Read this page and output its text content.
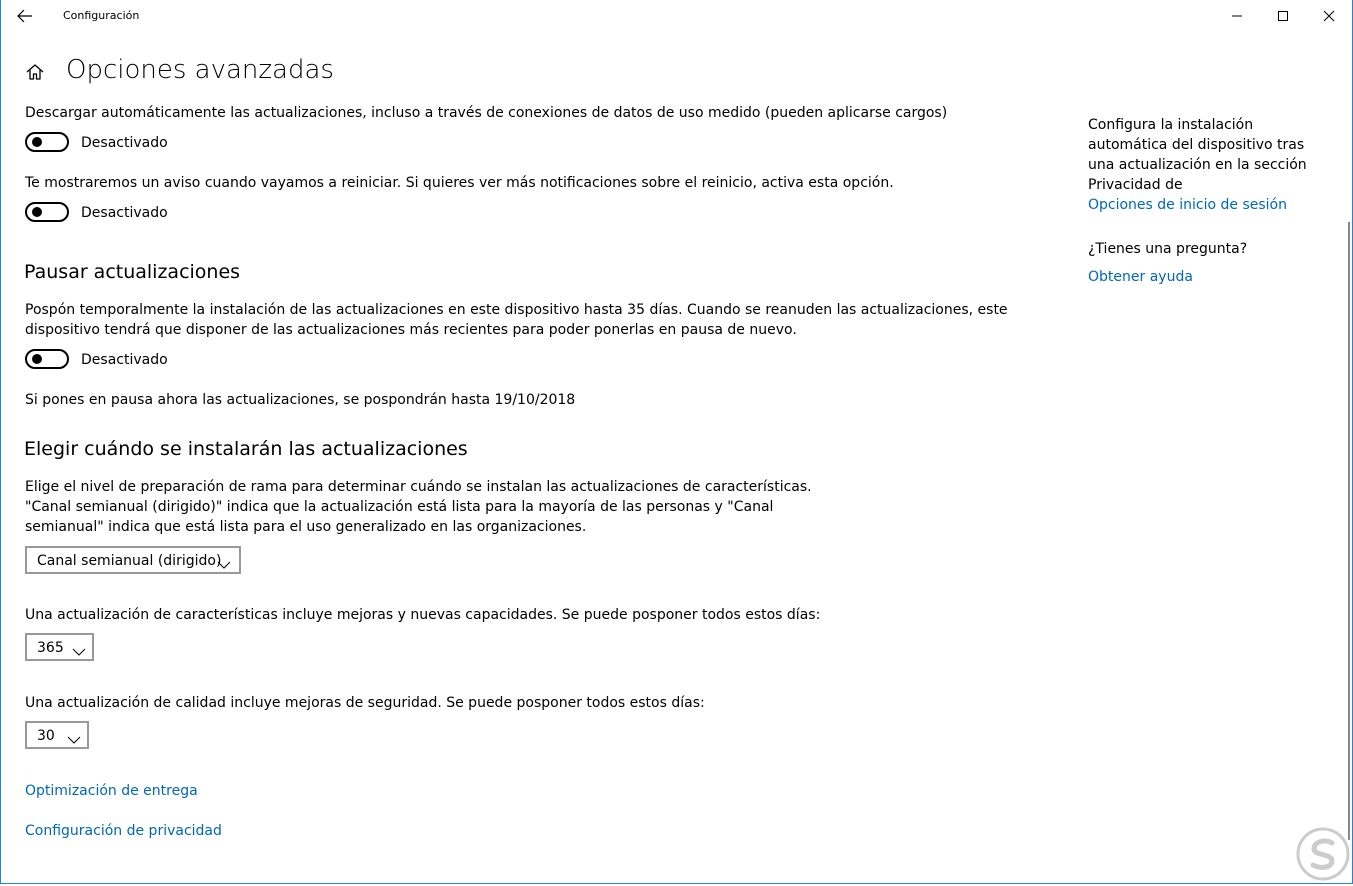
Configuración
Opciones avanzadas
Descargar automáticamente las actualizaciones, incluso a través de conexiones de datos de uso medido (pueden aplicarse cargos)
Desactivado
Te mostraremos un aviso cuando vayamos a reiniciar. Si quieres ver más notificaciones sobre el reinicio, activa esta opción.
Desactivado
Pausar actualizaciones
Pospón temporalmente la instalación de las actualizaciones en este dispositivo hasta 35 días. Cuando se reanuden las actualizaciones, este dispositivo tendrá que disponer de las actualizaciones más recientes para poder ponerlas en pausa de nuevo.
Desactivado
Si pones en pausa ahora las actualizaciones, se pospondrán hasta 19/10/2018
Elegir cuándo se instalarán las actualizaciones
Elige el nivel de preparación de rama para determinar cuándo se instalan las actualizaciones de características. "Canal semianual (dirigido)" indica que la actualización está lista para la mayoría de las personas y "Canal semianual" indica que está lista para el uso generalizado en las organizaciones.
Canal semianual (dirigido)
Una actualización de características incluye mejoras y nuevas capacidades. Se puede posponer todos estos días:
365
Una actualización de calidad incluye mejoras de seguridad. Se puede posponer todos estos días:
30
Optimización de entrega
Configuración de privacidad
Configura la instalación automática del dispositivo tras una actualización en la sección Privacidad de
Opciones de inicio de sesión
¿Tienes una pregunta?
Obtener ayuda
